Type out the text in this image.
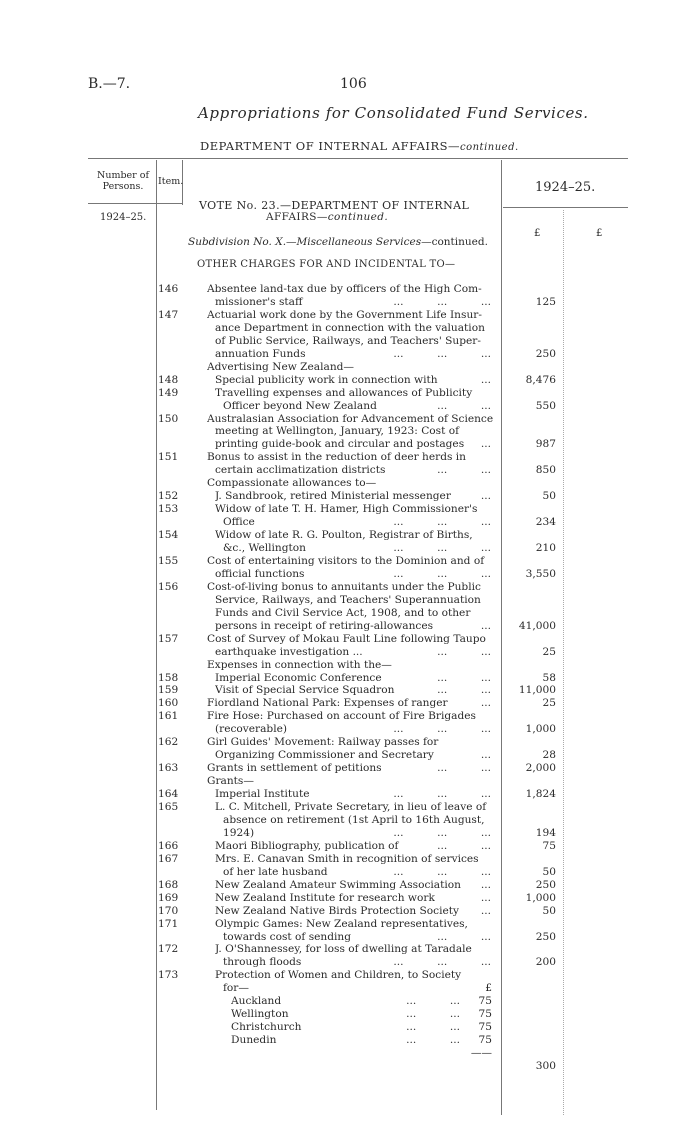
B.—7.	106
Appropriations for Consolidated Fund Services.
DEPARTMENT OF INTERNAL AFFAIRS—continued.
Number of Persons.	Item.
1924–25.
1924–25.
£	£
VOTE No. 23.—DEPARTMENT OF INTERNAL
AFFAIRS—continued.
Subdivision No. X.—Miscellaneous Services—continued.
OTHER CHARGES FOR AND INCIDENTAL TO—
146	Absentee land-tax due by officers of the High Com-
missioner's staff	...          ...          ...	125
147	Actuarial work done by the Government Life Insur-
ance Department in connection with the valuation
of Public Service, Railways, and Teachers' Super-
annuation Funds	...          ...          ...	250
Advertising New Zealand—
148	Special publicity work in connection with	...	8,476
149	Travelling expenses and allowances of Publicity
Officer beyond New Zealand	...          ...	550
150	Australasian Association for Advancement of Science
meeting at Wellington, January, 1923: Cost of
printing guide-book and circular and postages	...	987
151	Bonus to assist in the reduction of deer herds in
certain acclimatization districts	...          ...	850
Compassionate allowances to—
152	J. Sandbrook, retired Ministerial messenger	...	50
153	Widow of late T. H. Hamer, High Commissioner's
Office	...          ...          ...	234
154	Widow of late R. G. Poulton, Registrar of Births,
&c., Wellington	...          ...          ...	210
155	Cost of entertaining visitors to the Dominion and of
official functions	...          ...          ...	3,550
156	Cost-of-living bonus to annuitants under the Public
Service, Railways, and Teachers' Superannuation
Funds and Civil Service Act, 1908, and to other
persons in receipt of retiring-allowances	...	41,000
157	Cost of Survey of Mokau Fault Line following Taupo
earthquake investigation ...	...          ...	25
Expenses in connection with the—
158	Imperial Economic Conference	...          ...	58
159	Visit of Special Service Squadron	...          ...	11,000
160	Fiordland National Park: Expenses of ranger	...	25
161	Fire Hose: Purchased on account of Fire Brigades
(recoverable)	...          ...          ...	1,000
162	Girl Guides' Movement: Railway passes for
Organizing Commissioner and Secretary	...	28
163	Grants in settlement of petitions	...          ...	2,000
Grants—
164	Imperial Institute	...          ...          ...	1,824
165	L. C. Mitchell, Private Secretary, in lieu of leave of
absence on retirement (1st April to 16th August,
1924)	...          ...          ...	194
166	Maori Bibliography, publication of	...          ...	75
167	Mrs. E. Canavan Smith in recognition of services
of her late husband	...          ...          ...	50
168	New Zealand Amateur Swimming Association	...	250
169	New Zealand Institute for research work	...	1,000
170	New Zealand Native Birds Protection Society	...	50
171	Olympic Games: New Zealand representatives,
towards cost of sending	...          ...	250
172	J. O'Shannessey, for loss of dwelling at Taradale
through floods	...          ...          ...	200
173	Protection of Women and Children, to Society
for—	£
Auckland	...          ... 75
Wellington	...          ... 75
Christchurch	...          ... 75
Dunedin	...          ... 75
——
300
